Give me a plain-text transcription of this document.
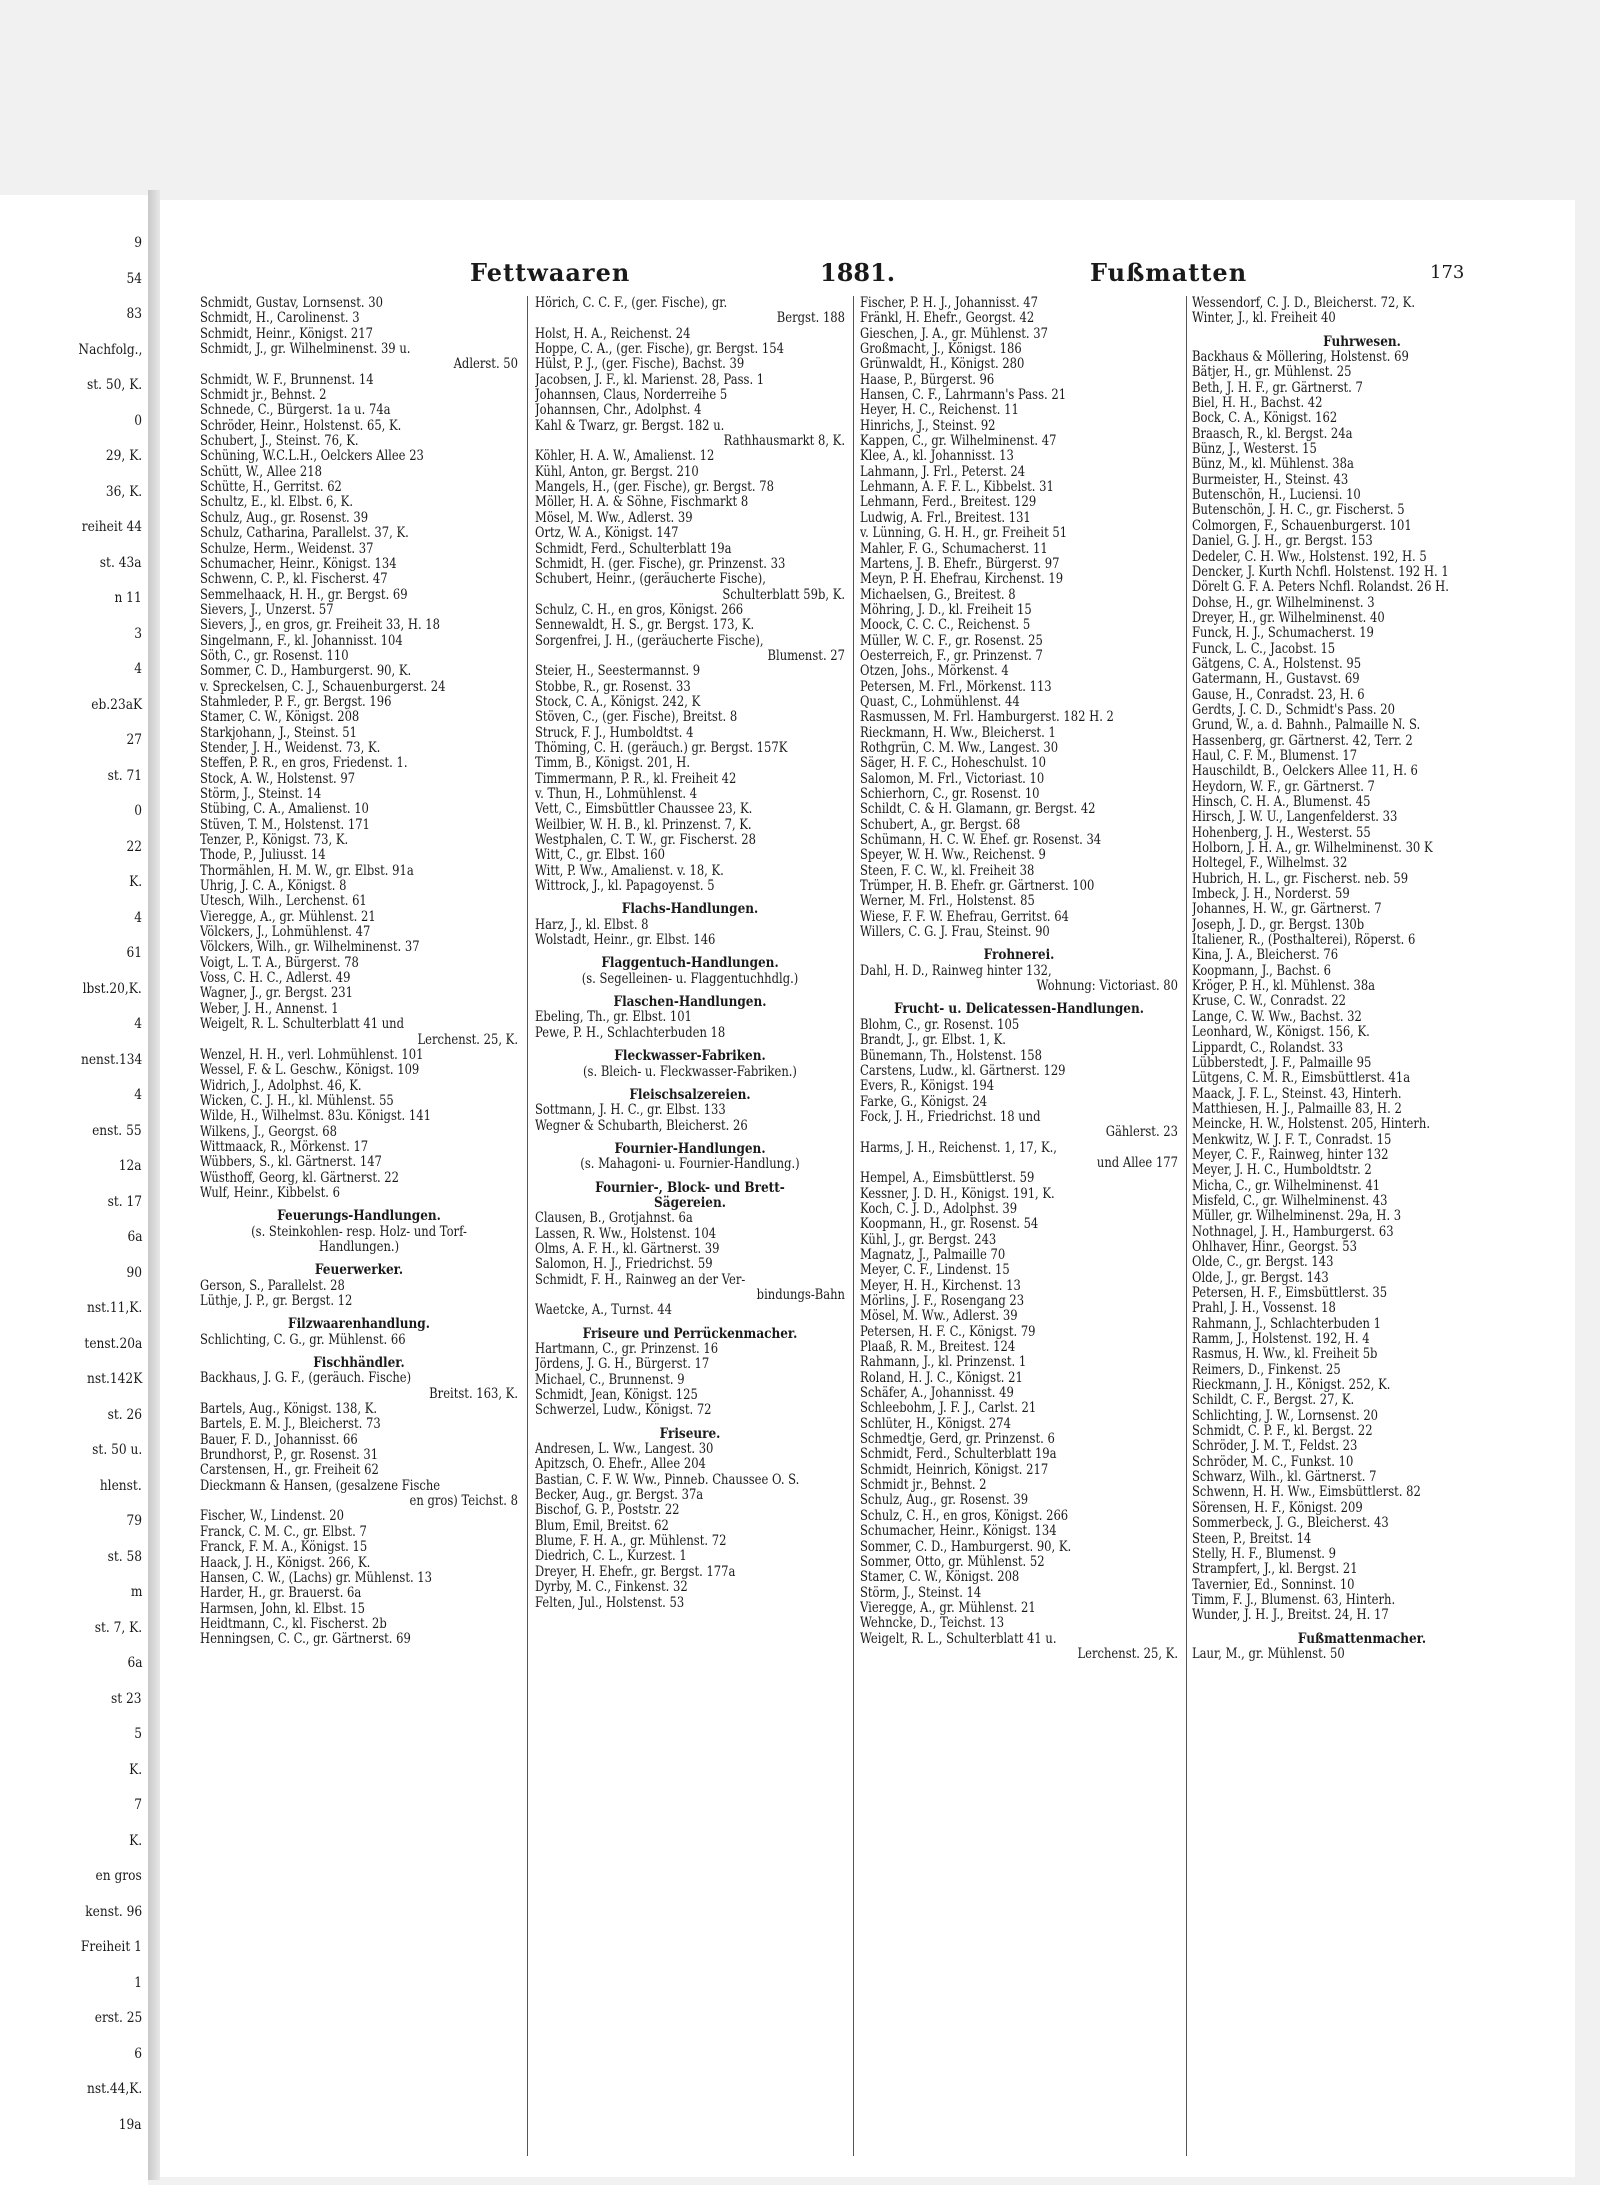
9
54
83
Nachfolg.,
st. 50, K.
0
29, K.
36, K.
reiheit 44
st. 43a
n 11
3
4
eb.23aK
27
st. 71
0
22
K.
4
61
lbst.20,K.
4
nenst.134
4
enst. 55
12a
st. 17
6a
90
nst.11,K.
tenst.20a
nst.142K
st. 26
st. 50 u.
hlenst.
79
st. 58
m
st. 7, K.
6a
st 23
5
K.
7
K.
en gros
kenst. 96
Freiheit 1
1
erst. 25
6
nst.44,K.
19a
Fettwaaren	1881.	Fußmatten	173
Schmidt, Gustav, Lornsenst. 30
Schmidt, H., Carolinenst. 3
Schmidt, Heinr., Königst. 217
Schmidt, J., gr. Wilhelminenst. 39 u.
Adlerst. 50
Schmidt, W. F., Brunnenst. 14
Schmidt jr., Behnst. 2
Schnede, C., Bürgerst. 1a u. 74a
Schröder, Heinr., Holstenst. 65, K.
Schubert, J., Steinst. 76, K.
Schüning, W.C.L.H., Oelckers Allee 23
Schütt, W., Allee 218
Schütte, H., Gerritst. 62
Schultz, E., kl. Elbst. 6, K.
Schulz, Aug., gr. Rosenst. 39
Schulz, Catharina, Parallelst. 37, K.
Schulze, Herm., Weidenst. 37
Schumacher, Heinr., Königst. 134
Schwenn, C. P., kl. Fischerst. 47
Semmelhaack, H. H., gr. Bergst. 69
Sievers, J., Unzerst. 57
Sievers, J., en gros, gr. Freiheit 33, H. 18
Singelmann, F., kl. Johannisst. 104
Söth, C., gr. Rosenst. 110
Sommer, C. D., Hamburgerst. 90, K.
v. Spreckelsen, C. J., Schauenburgerst. 24
Stahmleder, P. F., gr. Bergst. 196
Stamer, C. W., Königst. 208
Starkjohann, J., Steinst. 51
Stender, J. H., Weidenst. 73, K.
Steffen, P. R., en gros, Friedenst. 1.
Stock, A. W., Holstenst. 97
Störm, J., Steinst. 14
Stübing, C. A., Amalienst. 10
Stüven, T. M., Holstenst. 171
Tenzer, P., Königst. 73, K.
Thode, P., Juliusst. 14
Thormählen, H. M. W., gr. Elbst. 91a
Uhrig, J. C. A., Königst. 8
Utesch, Wilh., Lerchenst. 61
Vieregge, A., gr. Mühlenst. 21
Völckers, J., Lohmühlenst. 47
Völckers, Wilh., gr. Wilhelminenst. 37
Voigt, L. T. A., Bürgerst. 78
Voss, C. H. C., Adlerst. 49
Wagner, J., gr. Bergst. 231
Weber, J. H., Annenst. 1
Weigelt, R. L. Schulterblatt 41 und
Lerchenst. 25, K.
Wenzel, H. H., verl. Lohmühlenst. 101
Wessel, F. & L. Geschw., Königst. 109
Widrich, J., Adolphst. 46, K.
Wicken, C. J. H., kl. Mühlenst. 55
Wilde, H., Wilhelmst. 83u. Königst. 141
Wilkens, J., Georgst. 68
Wittmaack, R., Mörkenst. 17
Wübbers, S., kl. Gärtnerst. 147
Wüsthoff, Georg, kl. Gärtnerst. 22
Wulf, Heinr., Kibbelst. 6
Feuerungs-Handlungen.
(s. Steinkohlen- resp. Holz- und Torf-
Handlungen.)
Feuerwerker.
Gerson, S., Parallelst. 28
Lüthje, J. P., gr. Bergst. 12
Filzwaarenhandlung.
Schlichting, C. G., gr. Mühlenst. 66
Fischhändler.
Backhaus, J. G. F., (geräuch. Fische)
Breitst. 163, K.
Bartels, Aug., Königst. 138, K.
Bartels, E. M. J., Bleicherst. 73
Bauer, F. D., Johannisst. 66
Brundhorst, P., gr. Rosenst. 31
Carstensen, H., gr. Freiheit 62
Dieckmann & Hansen, (gesalzene Fische
en gros) Teichst. 8
Fischer, W., Lindenst. 20
Franck, C. M. C., gr. Elbst. 7
Franck, F. M. A., Königst. 15
Haack, J. H., Königst. 266, K.
Hansen, C. W., (Lachs) gr. Mühlenst. 13
Harder, H., gr. Brauerst. 6a
Harmsen, John, kl. Elbst. 15
Heidtmann, C., kl. Fischerst. 2b
Henningsen, C. C., gr. Gärtnerst. 69
Hörich, C. C. F., (ger. Fische), gr.
Bergst. 188
Holst, H. A., Reichenst. 24
Hoppe, C. A., (ger. Fische), gr. Bergst. 154
Hülst, P. J., (ger. Fische), Bachst. 39
Jacobsen, J. F., kl. Marienst. 28, Pass. 1
Johannsen, Claus, Norderreihe 5
Johannsen, Chr., Adolphst. 4
Kahl & Twarz, gr. Bergst. 182 u.
Rathhausmarkt 8, K.
Köhler, H. A. W., Amalienst. 12
Kühl, Anton, gr. Bergst. 210
Mangels, H., (ger. Fische), gr. Bergst. 78
Möller, H. A. & Söhne, Fischmarkt 8
Mösel, M. Ww., Adlerst. 39
Ortz, W. A., Königst. 147
Schmidt, Ferd., Schulterblatt 19a
Schmidt, H. (ger. Fische), gr. Prinzenst. 33
Schubert, Heinr., (geräucherte Fische),
Schulterblatt 59b, K.
Schulz, C. H., en gros, Königst. 266
Sennewaldt, H. S., gr. Bergst. 173, K.
Sorgenfrei, J. H., (geräucherte Fische),
Blumenst. 27
Steier, H., Seestermannst. 9
Stobbe, R., gr. Rosenst. 33
Stock, C. A., Königst. 242, K
Stöven, C., (ger. Fische), Breitst. 8
Struck, F. J., Humboldtst. 4
Thöming, C. H. (geräuch.) gr. Bergst. 157K
Timm, B., Königst. 201, H.
Timmermann, P. R., kl. Freiheit 42
v. Thun, H., Lohmühlenst. 4
Vett, C., Eimsbüttler Chaussee 23, K.
Weilbier, W. H. B., kl. Prinzenst. 7, K.
Westphalen, C. T. W., gr. Fischerst. 28
Witt, C., gr. Elbst. 160
Witt, P. Ww., Amalienst. v. 18, K.
Wittrock, J., kl. Papagoyenst. 5
Flachs-Handlungen.
Harz, J., kl. Elbst. 8
Wolstadt, Heinr., gr. Elbst. 146
Flaggentuch-Handlungen.
(s. Segelleinen- u. Flaggentuchhdlg.)
Flaschen-Handlungen.
Ebeling, Th., gr. Elbst. 101
Pewe, P. H., Schlachterbuden 18
Fleckwasser-Fabriken.
(s. Bleich- u. Fleckwasser-Fabriken.)
Fleischsalzereien.
Sottmann, J. H. C., gr. Elbst. 133
Wegner & Schubarth, Bleicherst. 26
Fournier-Handlungen.
(s. Mahagoni- u. Fournier-Handlung.)
Fournier-, Block- und Brett-
Sägereien.
Clausen, B., Grotjahnst. 6a
Lassen, R. Ww., Holstenst. 104
Olms, A. F. H., kl. Gärtnerst. 39
Salomon, H. J., Friedrichst. 59
Schmidt, F. H., Rainweg an der Ver-
bindungs-Bahn
Waetcke, A., Turnst. 44
Friseure und Perrückenmacher.
Hartmann, C., gr. Prinzenst. 16
Jördens, J. G. H., Bürgerst. 17
Michael, C., Brunnenst. 9
Schmidt, Jean, Königst. 125
Schwerzel, Ludw., Königst. 72
Friseure.
Andresen, L. Ww., Langest. 30
Apitzsch, O. Ehefr., Allee 204
Bastian, C. F. W. Ww., Pinneb. Chaussee O. S.
Becker, Aug., gr. Bergst. 37a
Bischof, G. P., Poststr. 22
Blum, Emil, Breitst. 62
Blume, F. H. A., gr. Mühlenst. 72
Diedrich, C. L., Kurzest. 1
Dreyer, H. Ehefr., gr. Bergst. 177a
Dyrby, M. C., Finkenst. 32
Felten, Jul., Holstenst. 53
Fischer, P. H. J., Johannisst. 47
Fränkl, H. Ehefr., Georgst. 42
Gieschen, J. A., gr. Mühlenst. 37
Großmacht, J., Königst. 186
Grünwaldt, H., Königst. 280
Haase, P., Bürgerst. 96
Hansen, C. F., Lahrmann's Pass. 21
Heyer, H. C., Reichenst. 11
Hinrichs, J., Steinst. 92
Kappen, C., gr. Wilhelminenst. 47
Klee, A., kl. Johannisst. 13
Lahmann, J. Frl., Peterst. 24
Lehmann, A. F. F. L., Kibbelst. 31
Lehmann, Ferd., Breitest. 129
Ludwig, A. Frl., Breitest. 131
v. Lünning, G. H. H., gr. Freiheit 51
Mahler, F. G., Schumacherst. 11
Martens, J. B. Ehefr., Bürgerst. 97
Meyn, P. H. Ehefrau, Kirchenst. 19
Michaelsen, G., Breitest. 8
Möhring, J. D., kl. Freiheit 15
Moock, C. C. C., Reichenst. 5
Müller, W. C. F., gr. Rosenst. 25
Oesterreich, F., gr. Prinzenst. 7
Otzen, Johs., Mörkenst. 4
Petersen, M. Frl., Mörkenst. 113
Quast, C., Lohmühlenst. 44
Rasmussen, M. Frl. Hamburgerst. 182 H. 2
Rieckmann, H. Ww., Bleicherst. 1
Rothgrün, C. M. Ww., Langest. 30
Säger, H. F. C., Hoheschulst. 10
Salomon, M. Frl., Victoriast. 10
Schierhorn, C., gr. Rosenst. 10
Schildt, C. & H. Glamann, gr. Bergst. 42
Schubert, A., gr. Bergst. 68
Schümann, H. C. W. Ehef. gr. Rosenst. 34
Speyer, W. H. Ww., Reichenst. 9
Steen, F. C. W., kl. Freiheit 38
Trümper, H. B. Ehefr. gr. Gärtnerst. 100
Werner, M. Frl., Holstenst. 85
Wiese, F. F. W. Ehefrau, Gerritst. 64
Willers, C. G. J. Frau, Steinst. 90
Frohnerei.
Dahl, H. D., Rainweg hinter 132,
Wohnung: Victoriast. 80
Frucht- u. Delicatessen-Handlungen.
Blohm, C., gr. Rosenst. 105
Brandt, J., gr. Elbst. 1, K.
Bünemann, Th., Holstenst. 158
Carstens, Ludw., kl. Gärtnerst. 129
Evers, R., Königst. 194
Farke, G., Königst. 24
Fock, J. H., Friedrichst. 18 und
Gählerst. 23
Harms, J. H., Reichenst. 1, 17, K.,
und Allee 177
Hempel, A., Eimsbüttlerst. 59
Kessner, J. D. H., Königst. 191, K.
Koch, C. J. D., Adolphst. 39
Koopmann, H., gr. Rosenst. 54
Kühl, J., gr. Bergst. 243
Magnatz, J., Palmaille 70
Meyer, C. F., Lindenst. 15
Meyer, H. H., Kirchenst. 13
Mörlins, J. F., Rosengang 23
Mösel, M. Ww., Adlerst. 39
Petersen, H. F. C., Königst. 79
Plaaß, R. M., Breitest. 124
Rahmann, J., kl. Prinzenst. 1
Roland, H. J. C., Königst. 21
Schäfer, A., Johannisst. 49
Schleebohm, J. F. J., Carlst. 21
Schlüter, H., Königst. 274
Schmedtje, Gerd, gr. Prinzenst. 6
Schmidt, Ferd., Schulterblatt 19a
Schmidt, Heinrich, Königst. 217
Schmidt jr., Behnst. 2
Schulz, Aug., gr. Rosenst. 39
Schulz, C. H., en gros, Königst. 266
Schumacher, Heinr., Königst. 134
Sommer, C. D., Hamburgerst. 90, K.
Sommer, Otto, gr. Mühlenst. 52
Stamer, C. W., Königst. 208
Störm, J., Steinst. 14
Vieregge, A., gr. Mühlenst. 21
Wehncke, D., Teichst. 13
Weigelt, R. L., Schulterblatt 41 u.
Lerchenst. 25, K.
Wessendorf, C. J. D., Bleicherst. 72, K.
Winter, J., kl. Freiheit 40
Fuhrwesen.
Backhaus & Möllering, Holstenst. 69
Bätjer, H., gr. Mühlenst. 25
Beth, J. H. F., gr. Gärtnerst. 7
Biel, H. H., Bachst. 42
Bock, C. A., Königst. 162
Braasch, R., kl. Bergst. 24a
Bünz, J., Westerst. 15
Bünz, M., kl. Mühlenst. 38a
Burmeister, H., Steinst. 43
Butenschön, H., Luciensi. 10
Butenschön, J. H. C., gr. Fischerst. 5
Colmorgen, F., Schauenburgerst. 101
Daniel, G. J. H., gr. Bergst. 153
Dedeler, C. H. Ww., Holstenst. 192, H. 5
Dencker, J. Kurth Nchfl. Holstenst. 192 H. 1
Dörelt G. F. A. Peters Nchfl. Rolandst. 26 H.
Dohse, H., gr. Wilhelminenst. 3
Dreyer, H., gr. Wilhelminenst. 40
Funck, H. J., Schumacherst. 19
Funck, L. C., Jacobst. 15
Gätgens, C. A., Holstenst. 95
Gatermann, H., Gustavst. 69
Gause, H., Conradst. 23, H. 6
Gerdts, J. C. D., Schmidt's Pass. 20
Grund, W., a. d. Bahnh., Palmaille N. S.
Hassenberg, gr. Gärtnerst. 42, Terr. 2
Haul, C. F. M., Blumenst. 17
Hauschildt, B., Oelckers Allee 11, H. 6
Heydorn, W. F., gr. Gärtnerst. 7
Hinsch, C. H. A., Blumenst. 45
Hirsch, J. W. U., Langenfelderst. 33
Hohenberg, J. H., Westerst. 55
Holborn, J. H. A., gr. Wilhelminenst. 30 K
Holtegel, F., Wilhelmst. 32
Hubrich, H. L., gr. Fischerst. neb. 59
Imbeck, J. H., Norderst. 59
Johannes, H. W., gr. Gärtnerst. 7
Joseph, J. D., gr. Bergst. 130b
Italiener, R., (Posthalterei), Röperst. 6
Kina, J. A., Bleicherst. 76
Koopmann, J., Bachst. 6
Kröger, P. H., kl. Mühlenst. 38a
Kruse, C. W., Conradst. 22
Lange, C. W. Ww., Bachst. 32
Leonhard, W., Königst. 156, K.
Lippardt, C., Rolandst. 33
Lübberstedt, J. F., Palmaille 95
Lütgens, C. M. R., Eimsbüttlerst. 41a
Maack, J. F. L., Steinst. 43, Hinterh.
Matthiesen, H. J., Palmaille 83, H. 2
Meincke, H. W., Holstenst. 205, Hinterh.
Menkwitz, W. J. F. T., Conradst. 15
Meyer, C. F., Rainweg, hinter 132
Meyer, J. H. C., Humboldtstr. 2
Micha, C., gr. Wilhelminenst. 41
Misfeld, C., gr. Wilhelminenst. 43
Müller, gr. Wilhelminenst. 29a, H. 3
Nothnagel, J. H., Hamburgerst. 63
Ohlhaver, Hinr., Georgst. 53
Olde, C., gr. Bergst. 143
Olde, J., gr. Bergst. 143
Petersen, H. F., Eimsbüttlerst. 35
Prahl, J. H., Vossenst. 18
Rahmann, J., Schlachterbuden 1
Ramm, J., Holstenst. 192, H. 4
Rasmus, H. Ww., kl. Freiheit 5b
Reimers, D., Finkenst. 25
Rieckmann, J. H., Königst. 252, K.
Schildt, C. F., Bergst. 27, K.
Schlichting, J. W., Lornsenst. 20
Schmidt, C. P. F., kl. Bergst. 22
Schröder, J. M. T., Feldst. 23
Schröder, M. C., Funkst. 10
Schwarz, Wilh., kl. Gärtnerst. 7
Schwenn, H. H. Ww., Eimsbüttlerst. 82
Sörensen, H. F., Königst. 209
Sommerbeck, J. G., Bleicherst. 43
Steen, P., Breitst. 14
Stelly, H. F., Blumenst. 9
Strampfert, J., kl. Bergst. 21
Tavernier, Ed., Sonninst. 10
Timm, F. J., Blumenst. 63, Hinterh.
Wunder, J. H. J., Breitst. 24, H. 17
Fußmattenmacher.
Laur, M., gr. Mühlenst. 50
